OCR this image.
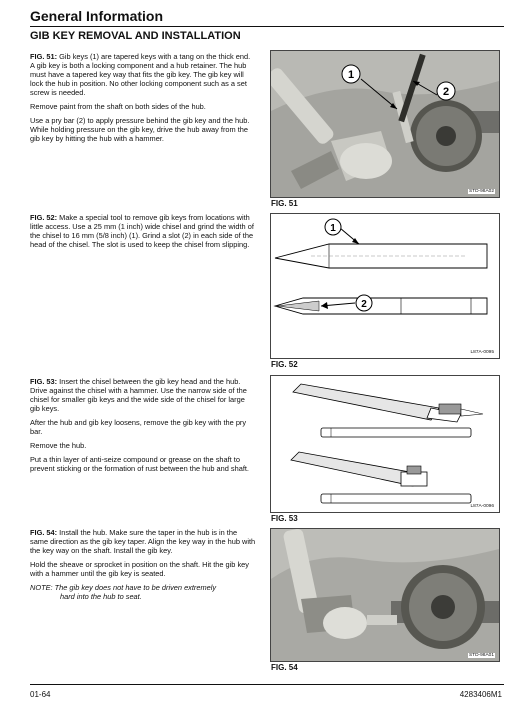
General Information
GIB KEY REMOVAL AND INSTALLATION

FIG. 51: Gib keys (1) are tapered keys with a tang on the thick end. A gib key is both a locking component and a hub retainer. The hub must have a tapered key way that fits the gib key. The gib key will lock the hub in position. No other locking component such as a set screw is needed.

Remove paint from the shaft on both sides of the hub.

Use a pry bar (2) to apply pressure behind the gib key and the hub. While holding pressure on the gib key, drive the hub away from the gib key by hitting the hub with a hammer.

FIG. 52: Make a special tool to remove gib keys from locations with little access. Use a 25 mm (1 inch) wide chisel and grind the width of the chisel to 16 mm (5/8 inch) (1). Grind a slot (2) in each side of the head of the chisel. The slot is used to keep the chisel from slipping.

FIG. 53: Insert the chisel between the gib key head and the hub. Drive against the chisel with a hammer. Use the narrow side of the chisel for smaller gib keys and the wide side of the chisel for large gib keys.

After the hub and gib key loosens, remove the gib key with the pry bar.

Remove the hub.

Put a thin layer of anti-seize compound or grease on the shaft to prevent sticking or the formation of rust between the hub and shaft.

FIG. 54: Install the hub. Make sure the taper in the hub is in the same direction as the gib key taper. Align the key way in the hub with the key way on the shaft. Install the gib key.

Hold the sheave or sprocket in position on the shaft. Hit the gib key with a hammer until the gib key is seated.

NOTE: The gib key does not have to be driven extremely
hard into the hub to seat.

1
2
STD-98A02
FIG. 51
1
2
L87A-0095
FIG. 52
L87A-0096
FIG. 53
STD-98A01
FIG. 54
01-64	4283406M1
